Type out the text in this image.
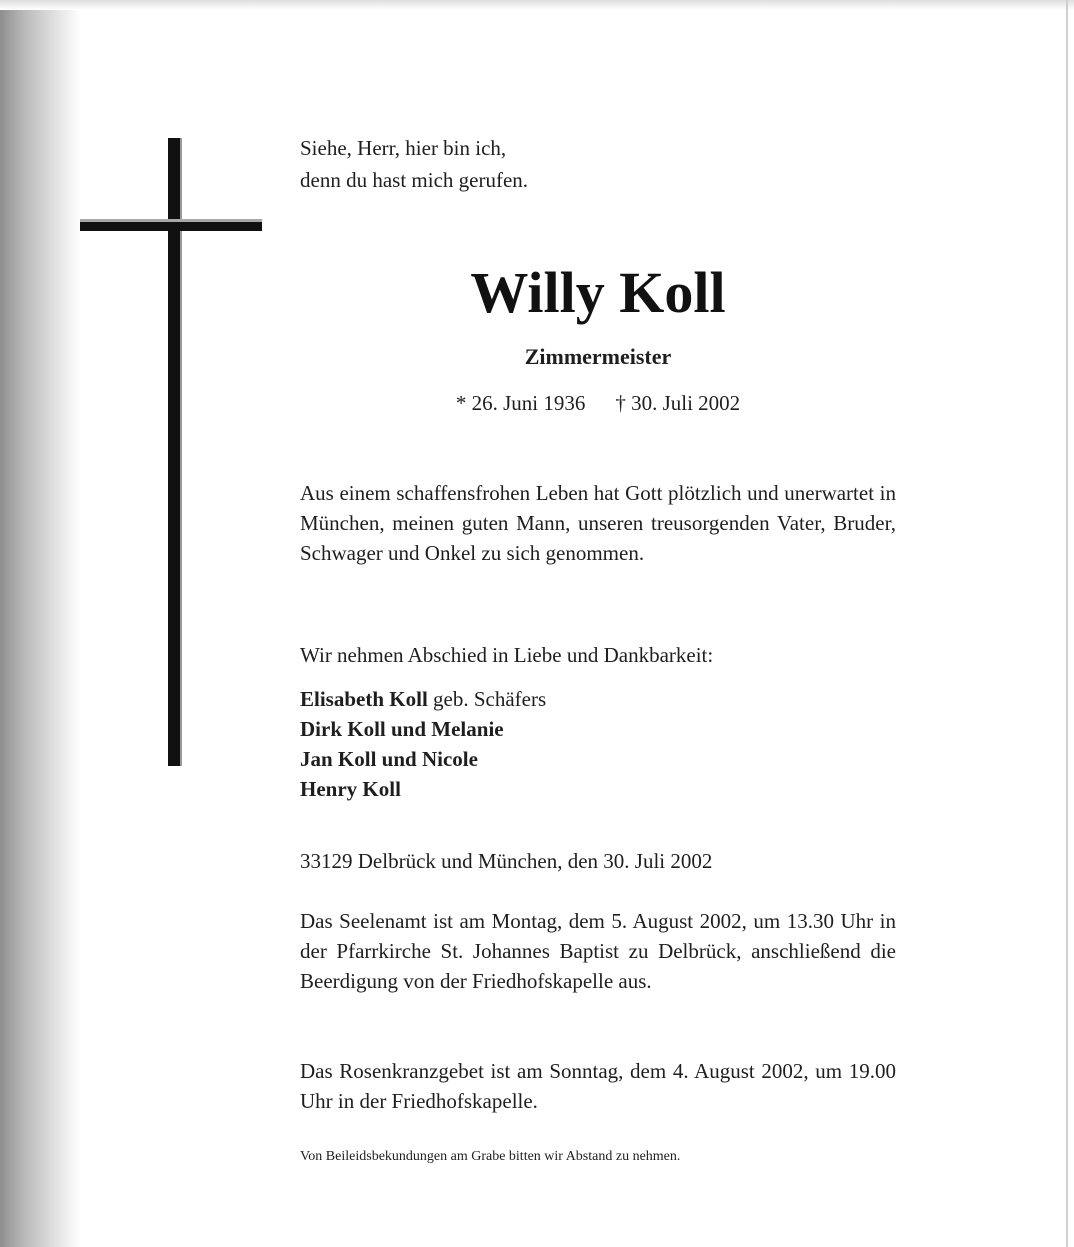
Siehe, Herr, hier bin ich,
denn du hast mich gerufen.
Willy Koll
Zimmermeister
* 26. Juni 1936 † 30. Juli 2002
Aus einem schaffensfrohen Leben hat Gott plötzlich und unerwartet in München, meinen guten Mann, unseren treusorgenden Vater, Bruder, Schwager und Onkel zu sich genommen.
Wir nehmen Abschied in Liebe und Dankbarkeit:
Elisabeth Koll geb. Schäfers
Dirk Koll und Melanie
Jan Koll und Nicole
Henry Koll
33129 Delbrück und München, den 30. Juli 2002
Das Seelenamt ist am Montag, dem 5. August 2002, um 13.30 Uhr in der Pfarrkirche St. Johannes Baptist zu Delbrück, anschließend die Beerdigung von der Friedhofskapelle aus.
Das Rosenkranzgebet ist am Sonntag, dem 4. August 2002, um 19.00 Uhr in der Friedhofskapelle.
Von Beileidsbekundungen am Grabe bitten wir Abstand zu nehmen.
